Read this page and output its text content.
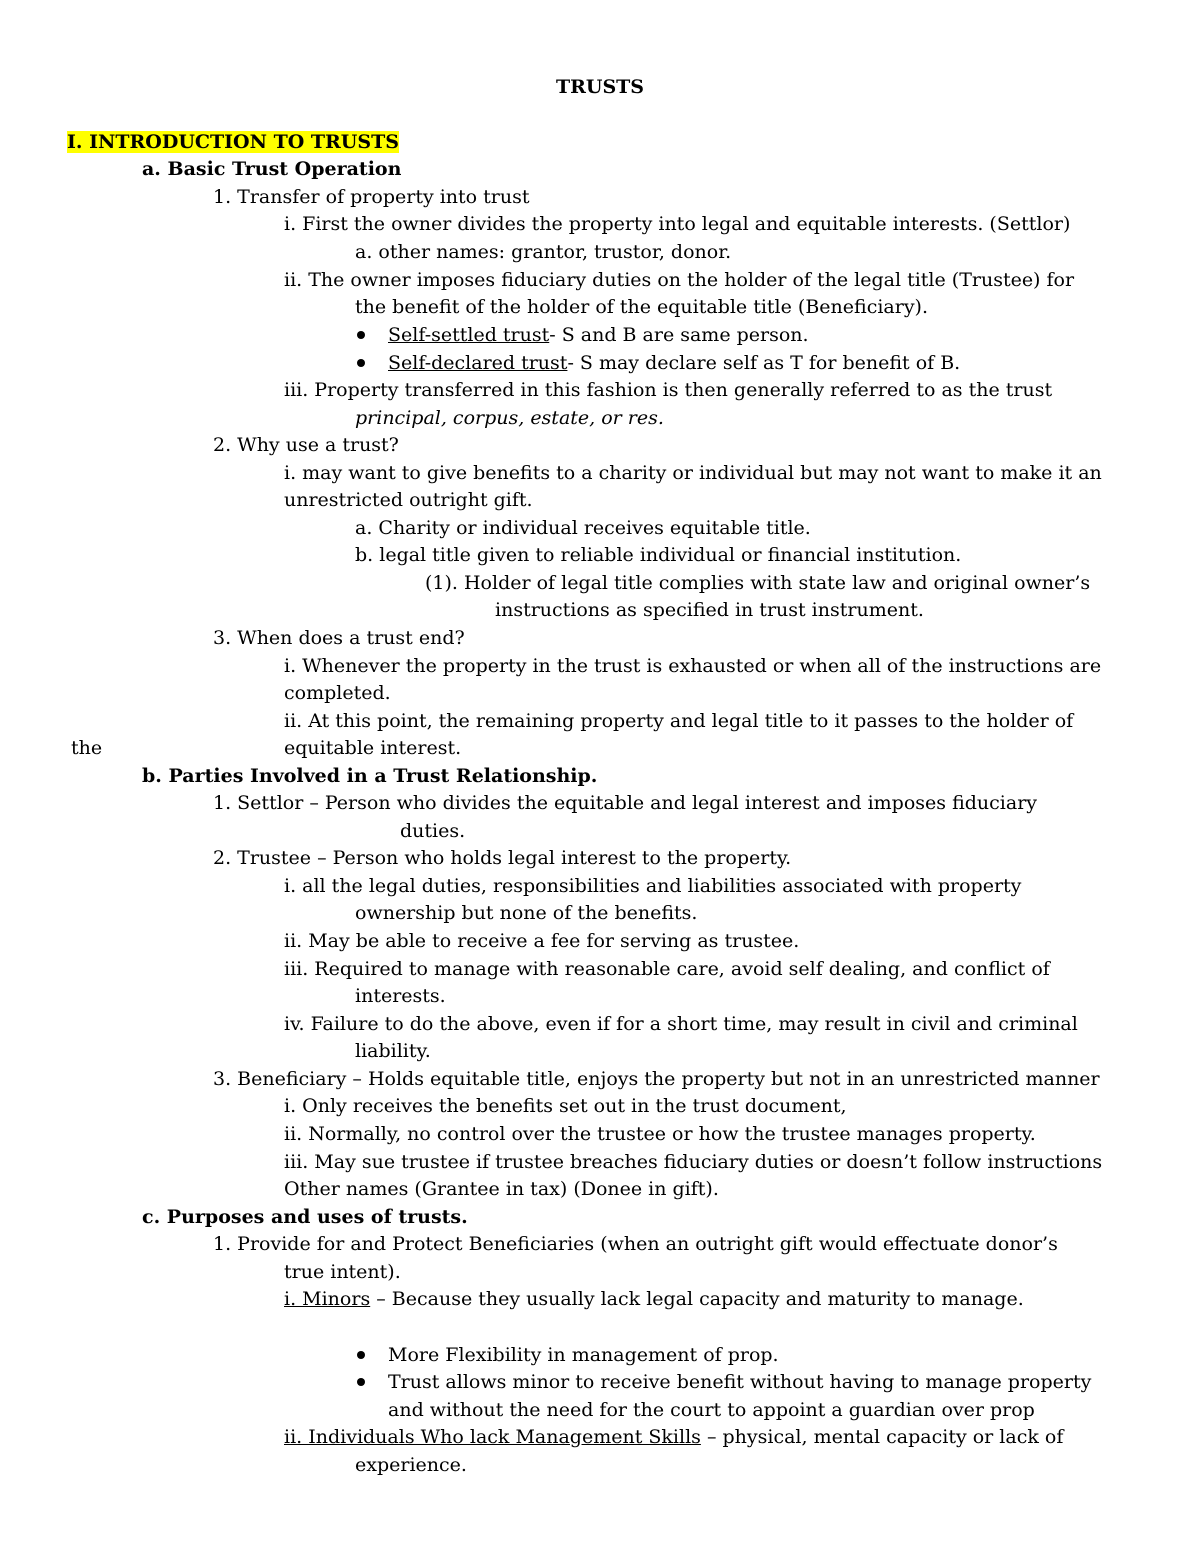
TRUSTS
I. INTRODUCTION TO TRUSTS
a. Basic Trust Operation
1. Transfer of property into trust
i. First the owner divides the property into legal and equitable interests. (Settlor)
a. other names: grantor, trustor, donor.
ii. The owner imposes fiduciary duties on the holder of the legal title (Trustee) for
the benefit of the holder of the equitable title (Beneficiary).
Self-settled trust- S and B are same person.
Self-declared trust- S may declare self as T for benefit of B.
iii. Property transferred in this fashion is then generally referred to as the trust
principal, corpus, estate, or res.
2. Why use a trust?
i. may want to give benefits to a charity or individual but may not want to make it an
unrestricted outright gift.
a. Charity or individual receives equitable title.
b. legal title given to reliable individual or financial institution.
(1). Holder of legal title complies with state law and original owner’s
instructions as specified in trust instrument.
3. When does a trust end?
i. Whenever the property in the trust is exhausted or when all of the instructions are
completed.
ii. At this point, the remaining property and legal title to it passes to the holder of
the	equitable interest.
b. Parties Involved in a Trust Relationship.
1. Settlor – Person who divides the equitable and legal interest and imposes fiduciary
duties.
2. Trustee – Person who holds legal interest to the property.
i. all the legal duties, responsibilities and liabilities associated with property
ownership but none of the benefits.
ii. May be able to receive a fee for serving as trustee.
iii. Required to manage with reasonable care, avoid self dealing, and conflict of
interests.
iv. Failure to do the above, even if for a short time, may result in civil and criminal
liability.
3. Beneficiary – Holds equitable title, enjoys the property but not in an unrestricted manner
i. Only receives the benefits set out in the trust document,
ii. Normally, no control over the trustee or how the trustee manages property.
iii. May sue trustee if trustee breaches fiduciary duties or doesn’t follow instructions
Other names (Grantee in tax) (Donee in gift).
c. Purposes and uses of trusts.
1. Provide for and Protect Beneficiaries (when an outright gift would effectuate donor’s
true intent).
i. Minors – Because they usually lack legal capacity and maturity to manage.
More Flexibility in management of prop.
Trust allows minor to receive benefit without having to manage property
and without the need for the court to appoint a guardian over prop
ii. Individuals Who lack Management Skills – physical, mental capacity or lack of
experience.
